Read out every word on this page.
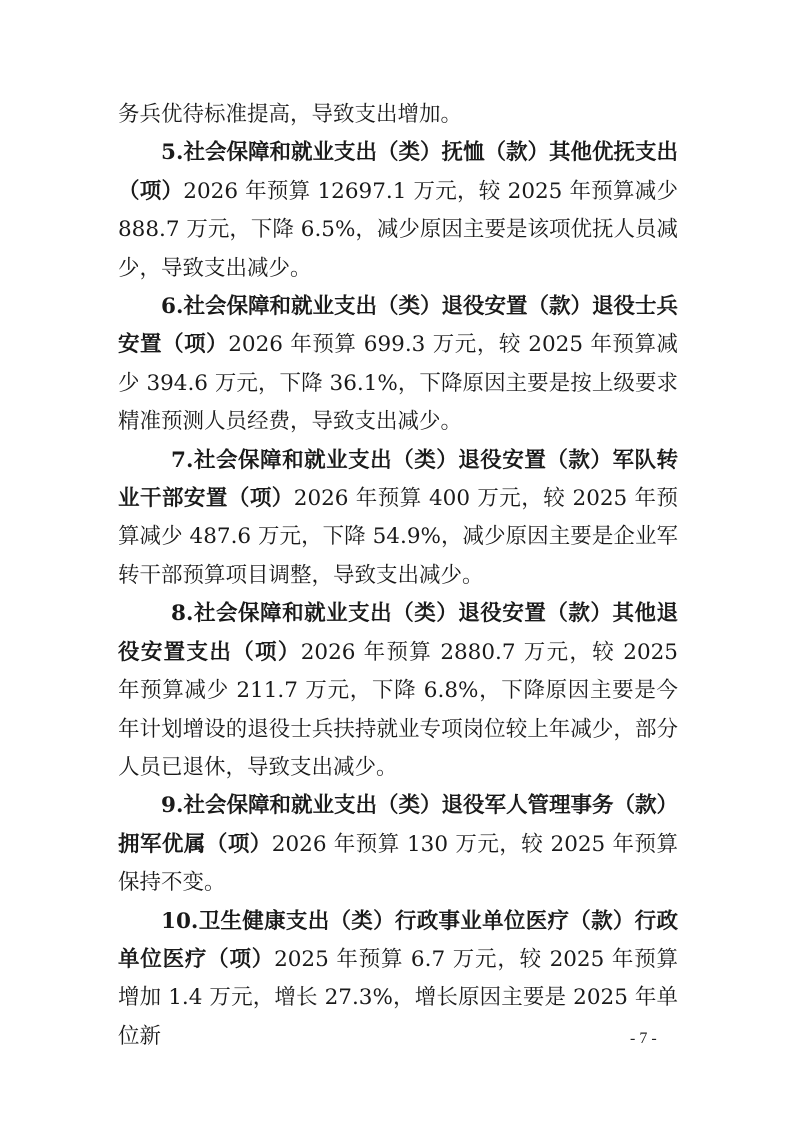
务兵优待标准提高，导致支出增加。

5.社会保障和就业支出（类）抚恤（款）其他优抚支出（项）2026 年预算 12697.1 万元，较 2025 年预算减少 888.7 万元，下降 6.5%，减少原因主要是该项优抚人员减少，导致支出减少。

6.社会保障和就业支出（类）退役安置（款）退役士兵安置（项）2026 年预算 699.3 万元，较 2025 年预算减少 394.6 万元，下降 36.1%，下降原因主要是按上级要求精准预测人员经费，导致支出减少。

7.社会保障和就业支出（类）退役安置（款）军队转业干部安置（项）2026 年预算 400 万元，较 2025 年预算减少 487.6 万元，下降 54.9%，减少原因主要是企业军转干部预算项目调整，导致支出减少。

8.社会保障和就业支出（类）退役安置（款）其他退役安置支出（项）2026 年预算 2880.7 万元，较 2025 年预算减少 211.7 万元，下降 6.8%，下降原因主要是今年计划增设的退役士兵扶持就业专项岗位较上年减少，部分人员已退休，导致支出减少。

9.社会保障和就业支出（类）退役军人管理事务（款）拥军优属（项）2026 年预算 130 万元，较 2025 年预算保持不变。

10.卫生健康支出（类）行政事业单位医疗（款）行政单位医疗（项）2025 年预算 6.7 万元，较 2025 年预算增加 1.4 万元，增长 27.3%，增长原因主要是 2025 年单位新	- 7 -
